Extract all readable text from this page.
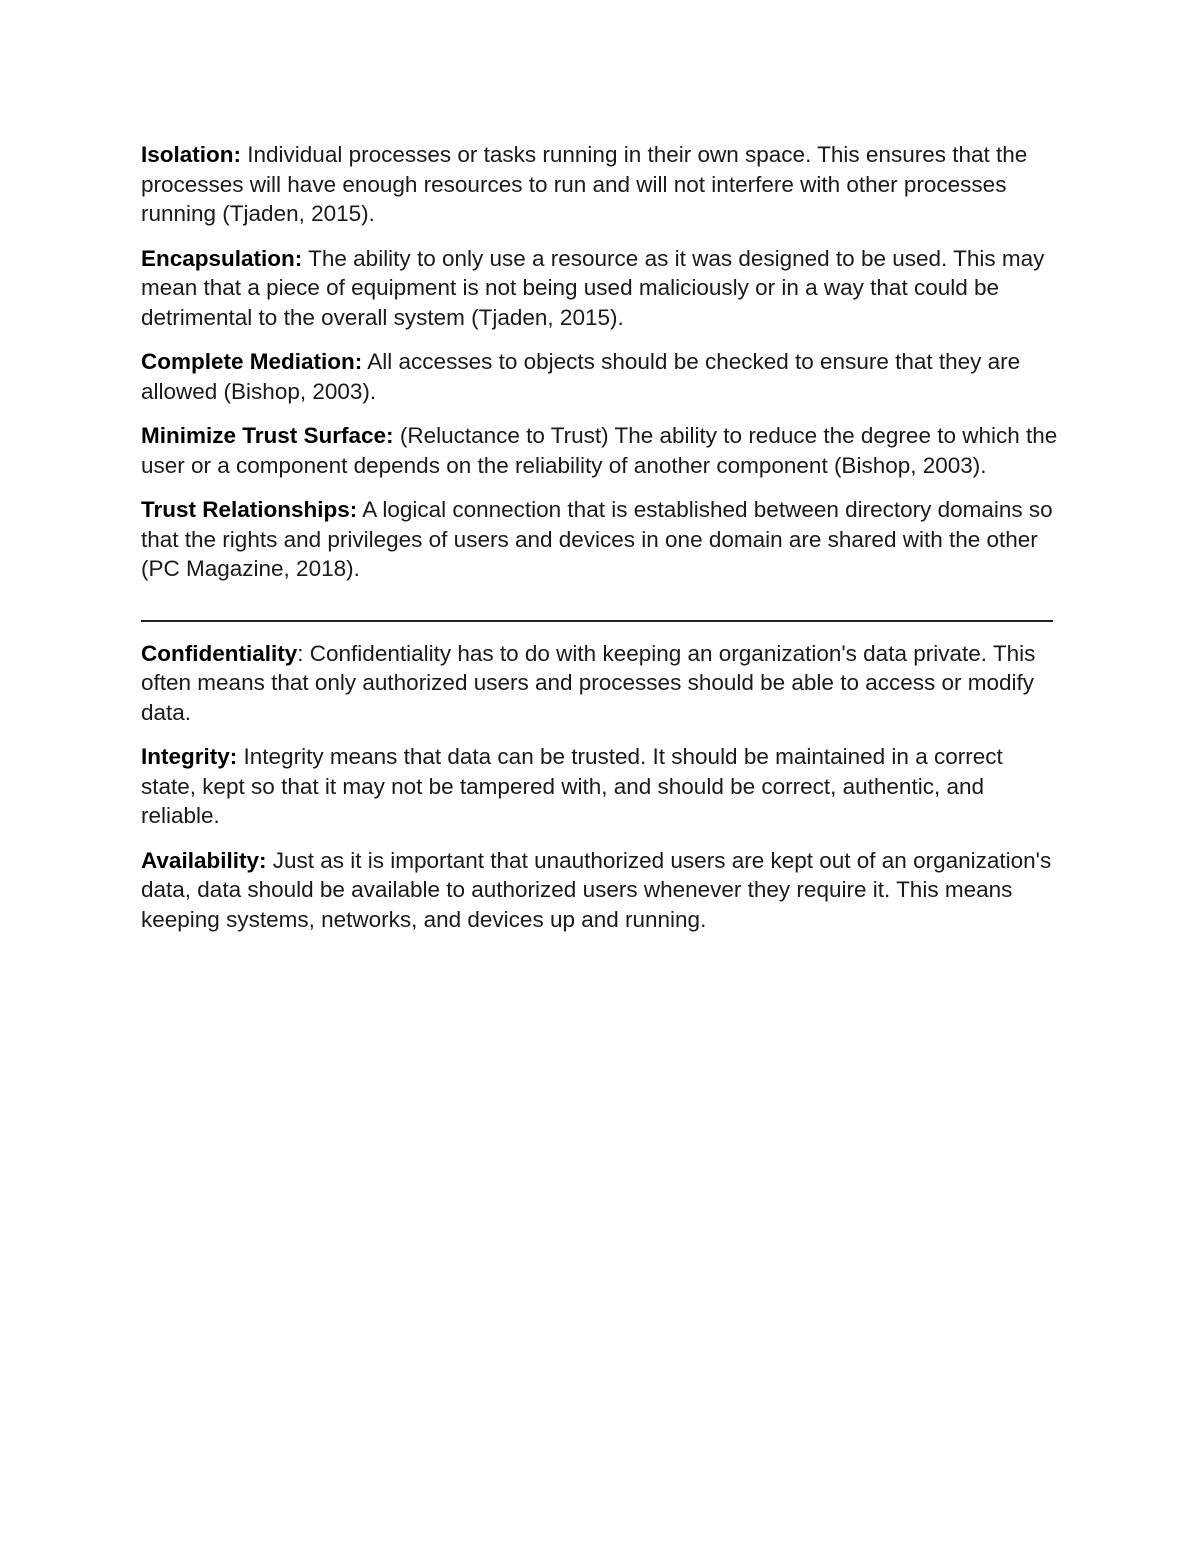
Isolation: Individual processes or tasks running in their own space. This ensures that the processes will have enough resources to run and will not interfere with other processes running (Tjaden, 2015).

Encapsulation: The ability to only use a resource as it was designed to be used. This may mean that a piece of equipment is not being used maliciously or in a way that could be detrimental to the overall system (Tjaden, 2015).

Complete Mediation: All accesses to objects should be checked to ensure that they are allowed (Bishop, 2003).

Minimize Trust Surface: (Reluctance to Trust) The ability to reduce the degree to which the user or a component depends on the reliability of another component (Bishop, 2003).

Trust Relationships: A logical connection that is established between directory domains so that the rights and privileges of users and devices in one domain are shared with the other (PC Magazine, 2018).

Confidentiality: Confidentiality has to do with keeping an organization's data private. This often means that only authorized users and processes should be able to access or modify data.

Integrity: Integrity means that data can be trusted. It should be maintained in a correct state, kept so that it may not be tampered with, and should be correct, authentic, and reliable.

Availability: Just as it is important that unauthorized users are kept out of an organization's data, data should be available to authorized users whenever they require it. This means keeping systems, networks, and devices up and running.
